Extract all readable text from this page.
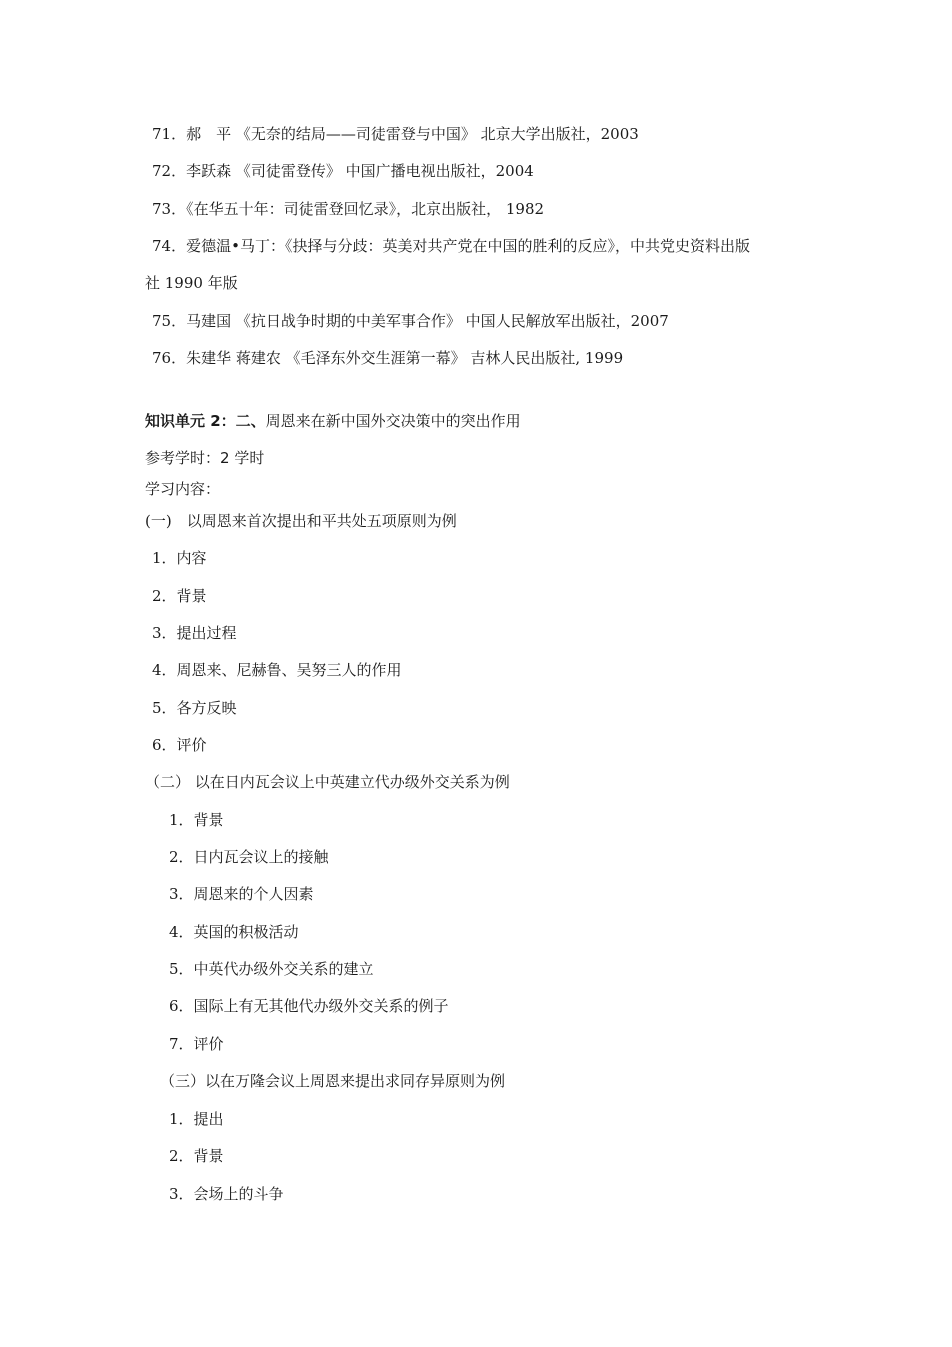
71．郝　平 《无奈的结局——司徒雷登与中国》 北京大学出版社，2003
72．李跃森 《司徒雷登传》 中国广播电视出版社，2004
73．《在华五十年：司徒雷登回忆录》，北京出版社， 1982
74．爱德温•马丁：《抉择与分歧：英美对共产党在中国的胜利的反应》，中共党史资料出版
社 1990 年版
75．马建国 《抗日战争时期的中美军事合作》 中国人民解放军出版社，2007
76．朱建华 蒋建农 《毛泽东外交生涯第一幕》 吉林人民出版社, 1999
知识单元 2：二、周恩来在新中国外交决策中的突出作用
参考学时：2 学时
学习内容：
(一)　以周恩来首次提出和平共处五项原则为例
1．内容
2．背景
3．提出过程
4．周恩来、尼赫鲁、吴努三人的作用
5．各方反映
6．评价
（二） 以在日内瓦会议上中英建立代办级外交关系为例
1．背景
2．日内瓦会议上的接触
3．周恩来的个人因素
4．英国的积极活动
5．中英代办级外交关系的建立
6．国际上有无其他代办级外交关系的例子
7．评价
（三）以在万隆会议上周恩来提出求同存异原则为例
1．提出
2．背景
3．会场上的斗争
